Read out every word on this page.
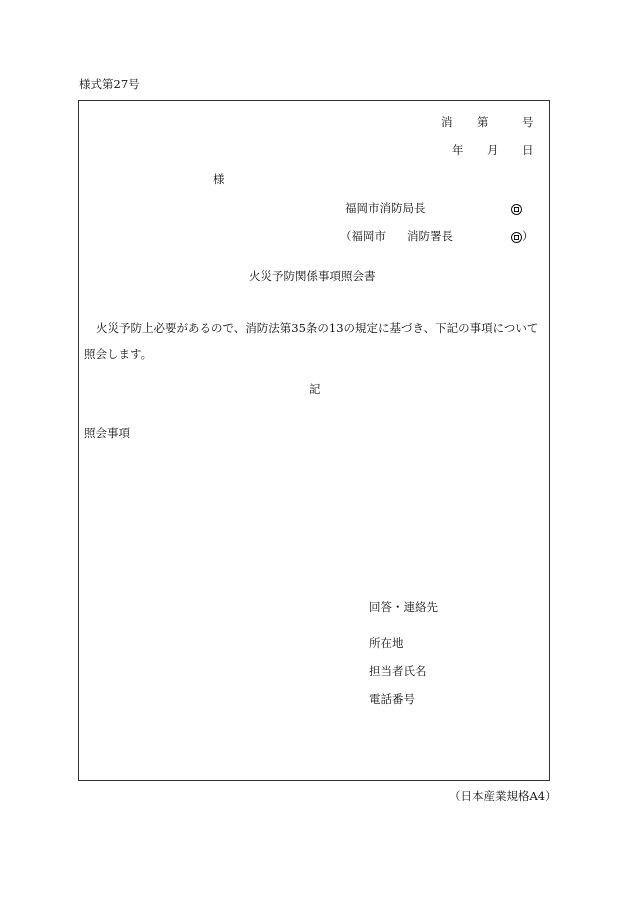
様式第27号
消 第	号
年 月 日
様
福岡市消防局長
（福岡市 消防署長	）
火災予防関係事項照会書
火災予防上必要があるので、消防法第35条の13の規定に基づき、下記の事項について
照会します。
記
照会事項
回答・連絡先
所在地
担当者氏名
電話番号
（日本産業規格A4）
